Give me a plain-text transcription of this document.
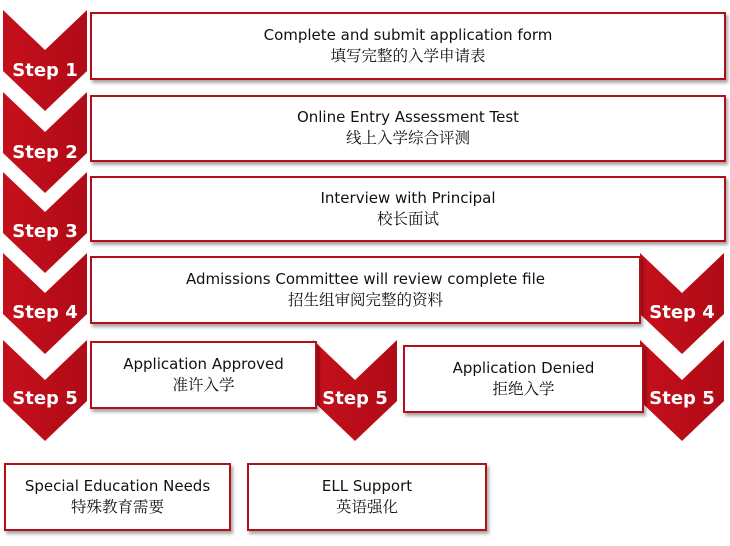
Step 1
Step 2
Step 3
Step 4
Step 5
Step 4
Step 5	Step 5
Complete and submit application form
填写完整的入学申请表
Online Entry Assessment Test
线上入学综合评测
Interview with Principal
校长面试
Admissions Committee will review complete file
招生组审阅完整的资料
Application Approved
准许入学
Application Denied
拒绝入学
Special Education Needs
特殊教育需要
ELL Support
英语强化
